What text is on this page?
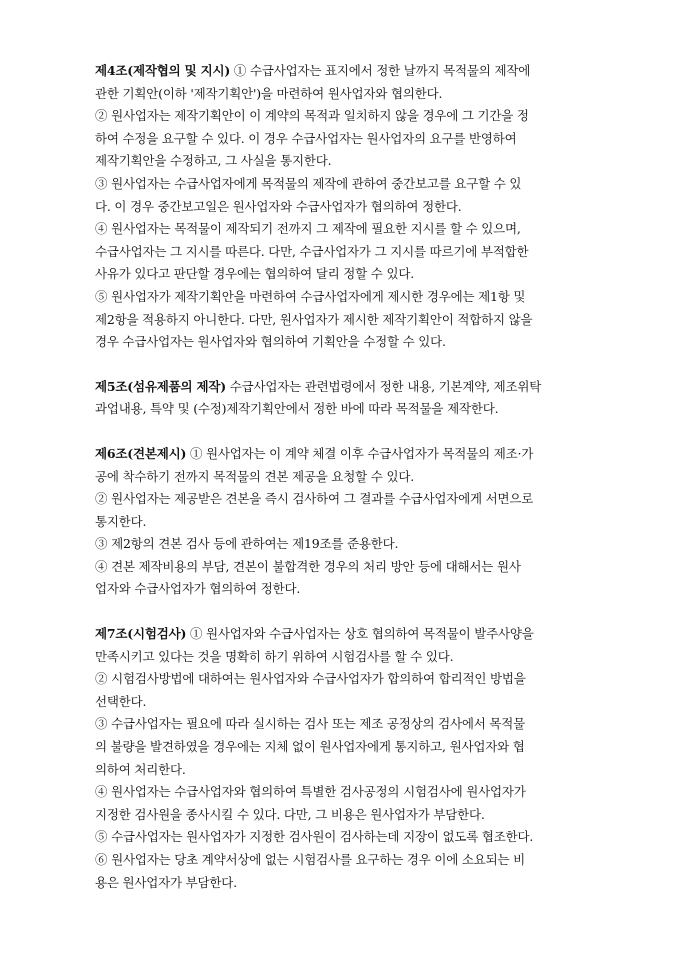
제4조(제작협의 및 지시) ① 수급사업자는 표지에서 정한 날까지 목적물의 제작에
관한 기획안(이하 '제작기획안')을 마련하여 원사업자와 협의한다.
② 원사업자는 제작기획안이 이 계약의 목적과 일치하지 않을 경우에 그 기간을 정
하여 수정을 요구할 수 있다. 이 경우 수급사업자는 원사업자의 요구를 반영하여
제작기획안을 수정하고, 그 사실을 통지한다.
③ 원사업자는 수급사업자에게 목적물의 제작에 관하여 중간보고를 요구할 수 있
다. 이 경우 중간보고일은 원사업자와 수급사업자가 협의하여 정한다.
④ 원사업자는 목적물이 제작되기 전까지 그 제작에 필요한 지시를 할 수 있으며,
수급사업자는 그 지시를 따른다. 다만, 수급사업자가 그 지시를 따르기에 부적합한
사유가 있다고 판단할 경우에는 협의하여 달리 정할 수 있다.
⑤ 원사업자가 제작기획안을 마련하여 수급사업자에게 제시한 경우에는 제1항 및
제2항을 적용하지 아니한다. 다만, 원사업자가 제시한 제작기획안이 적합하지 않을
경우 수급사업자는 원사업자와 협의하여 기획안을 수정할 수 있다.
제5조(섬유제품의 제작) 수급사업자는 관련법령에서 정한 내용, 기본계약, 제조위탁
과업내용, 특약 및 (수정)제작기획안에서 정한 바에 따라 목적물을 제작한다.
제6조(견본제시) ① 원사업자는 이 계약 체결 이후 수급사업자가 목적물의 제조·가
공에 착수하기 전까지 목적물의 견본 제공을 요청할 수 있다.
② 원사업자는 제공받은 견본을 즉시 검사하여 그 결과를 수급사업자에게 서면으로
통지한다.
③ 제2항의 견본 검사 등에 관하여는 제19조를 준용한다.
④ 견본 제작비용의 부담, 견본이 불합격한 경우의 처리 방안 등에 대해서는 원사
업자와 수급사업자가 협의하여 정한다.
제7조(시험검사) ① 원사업자와 수급사업자는 상호 협의하여 목적물이 발주사양을
만족시키고 있다는 것을 명확히 하기 위하여 시험검사를 할 수 있다.
② 시험검사방법에 대하여는 원사업자와 수급사업자가 합의하여 합리적인 방법을
선택한다.
③ 수급사업자는 필요에 따라 실시하는 검사 또는 제조 공정상의 검사에서 목적물
의 불량을 발견하였을 경우에는 지체 없이 원사업자에게 통지하고, 원사업자와 협
의하여 처리한다.
④ 원사업자는 수급사업자와 협의하여 특별한 검사공정의 시험검사에 원사업자가
지정한 검사원을 종사시킬 수 있다. 다만, 그 비용은 원사업자가 부담한다.
⑤ 수급사업자는 원사업자가 지정한 검사원이 검사하는데 지장이 없도록 협조한다.
⑥ 원사업자는 당초 계약서상에 없는 시험검사를 요구하는 경우 이에 소요되는 비
용은 원사업자가 부담한다.
